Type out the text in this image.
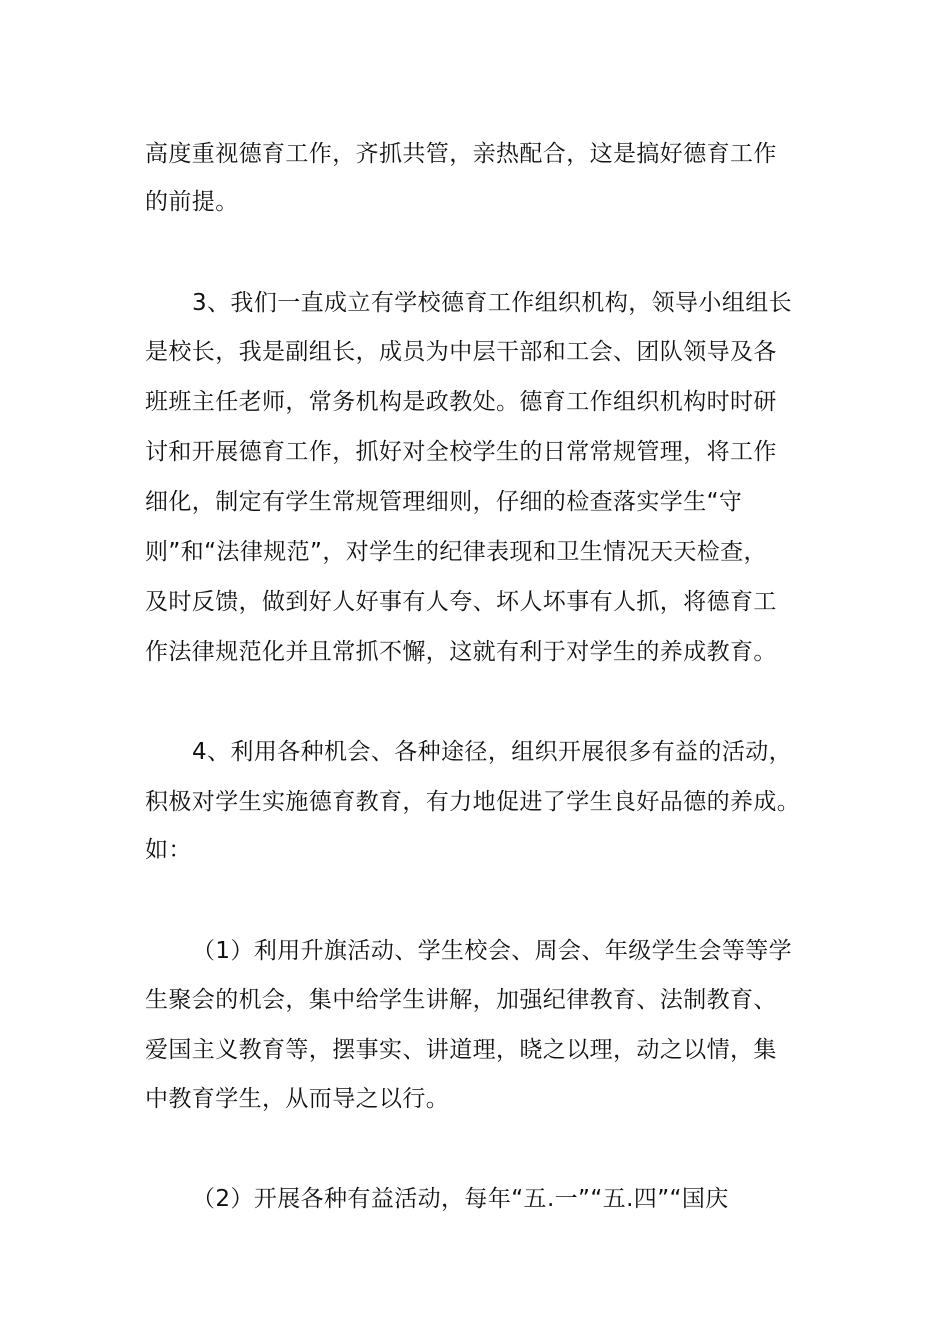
高度重视德育工作，齐抓共管，亲热配合，这是搞好德育工作
的前提。
3、我们一直成立有学校德育工作组织机构，领导小组组长
是校长，我是副组长，成员为中层干部和工会、团队领导及各
班班主任老师，常务机构是政教处。德育工作组织机构时时研
讨和开展德育工作，抓好对全校学生的日常常规管理，将工作
细化，制定有学生常规管理细则，仔细的检查落实学生“守
则”和“法律规范”，对学生的纪律表现和卫生情况天天检查，
及时反馈，做到好人好事有人夸、坏人坏事有人抓，将德育工
作法律规范化并且常抓不懈，这就有利于对学生的养成教育。
4、利用各种机会、各种途径，组织开展很多有益的活动，
积极对学生实施德育教育，有力地促进了学生良好品德的养成。
如：
（1）利用升旗活动、学生校会、周会、年级学生会等等学
生聚会的机会，集中给学生讲解，加强纪律教育、法制教育、
爱国主义教育等，摆事实、讲道理，晓之以理，动之以情，集
中教育学生，从而导之以行。
（2）开展各种有益活动，每年“五.一”“五.四”“国庆
